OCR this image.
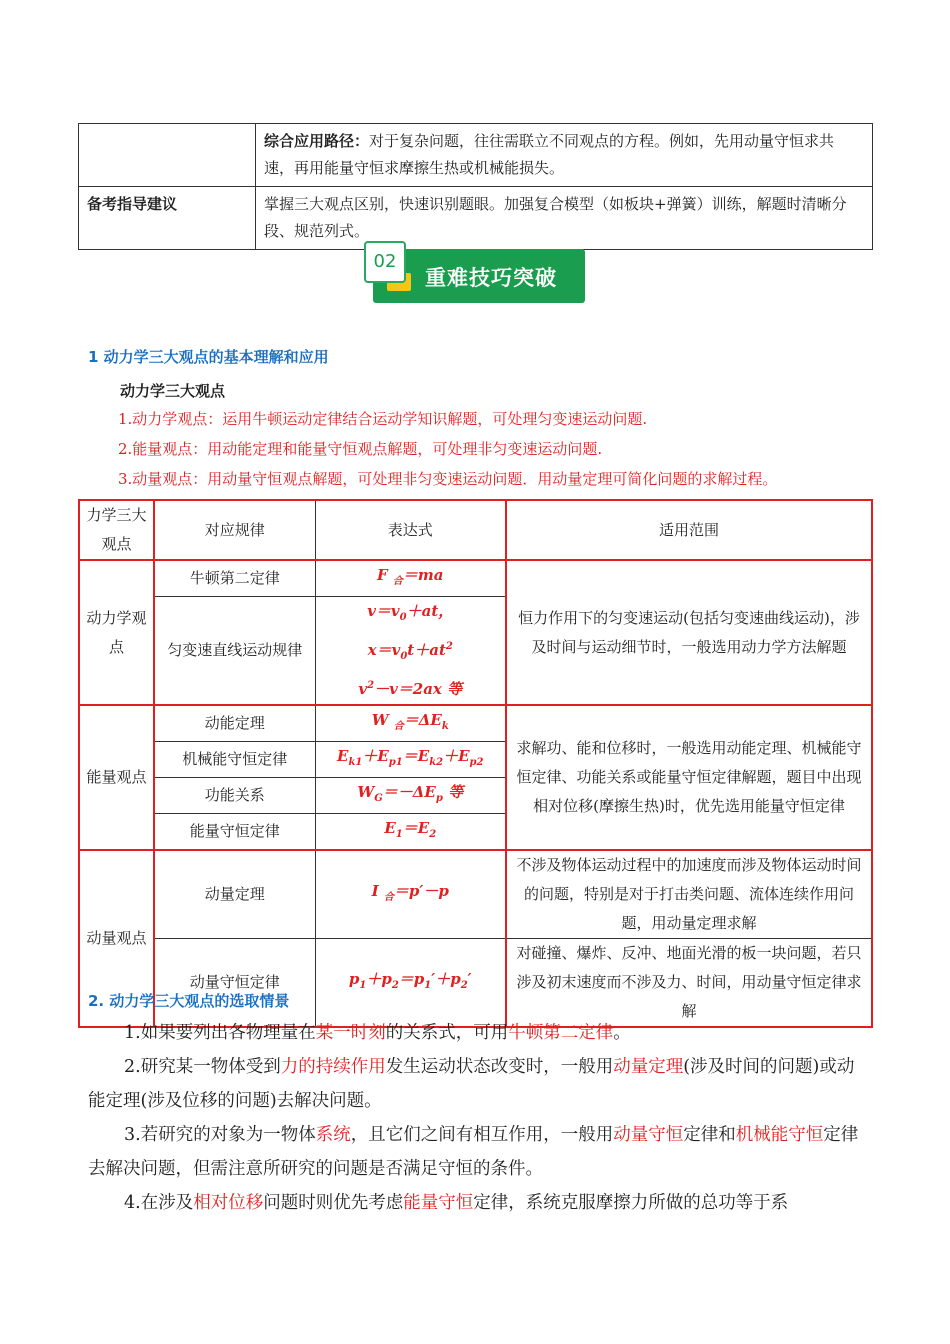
	综合应用路径：对于复杂问题，往往需联立不同观点的方程。例如，先用动量守恒求共速，再用能量守恒求摩擦生热或机械能损失。
备考指导建议	掌握三大观点区别，快速识别题眼。加强复合模型（如板块+弹簧）训练，解题时清晰分段、规范列式。
02
重难技巧突破
1 动力学三大观点的基本理解和应用
动力学三大观点
1.动力学观点：运用牛顿运动定律结合运动学知识解题，可处理匀变速运动问题.
2.能量观点：用动能定理和能量守恒观点解题，可处理非匀变速运动问题.
3.动量观点：用动量守恒观点解题，可处理非匀变速运动问题．用动量定理可简化问题的求解过程。
力学三大观点	对应规律	表达式	适用范围
动力学观点	牛顿第二定律	F $_合$＝ma	恒力作用下的匀变速运动(包括匀变速曲线运动)，涉及时间与运动细节时，一般选用动力学方法解题
	匀变速直线运动规律	$v=v_0+at$，
$x=v_0t+at^2$
$v^2-v=2ax$ 等	
能量观点	动能定理	W $_合=\Delta E_k$	求解功、能和位移时，一般选用动能定理、机械能守恒定律、功能关系或能量守恒定律解题，题目中出现相对位移(摩擦生热)时，优先选用能量守恒定律
	机械能守恒定律	$E_{k1}+E_{p1}=E_{k2}+E_{p2}$
	功能关系	$W_G=-\Delta E_p$ 等	
	能量守恒定律	$E_1=E_2$
动量观点	动量定理	I $_合$＝p′－p	不涉及物体运动过程中的加速度而涉及物体运动时间的问题，特别是对于打击类问题、流体连续作用问题，用动量定理求解
	动量守恒定律	$p_1+p_2=p_1'+p_2'$	对碰撞、爆炸、反冲、地面光滑的板一块问题，若只涉及初末速度而不涉及力、时间，用动量守恒定律求解
2. 动力学三大观点的选取情景

1.如果要列出各物理量在某一时刻的关系式，可用牛顿第二定律。

2.研究某一物体受到力的持续作用发生运动状态改变时，一般用动量定理(涉及时间的问题)或动能定理(涉及位移的问题)去解决问题。

3.若研究的对象为一物体系统，且它们之间有相互作用，一般用动量守恒定律和机械能守恒定律去解决问题，但需注意所研究的问题是否满足守恒的条件。

4.在涉及相对位移问题时则优先考虑能量守恒定律，系统克服摩擦力所做的总功等于系
